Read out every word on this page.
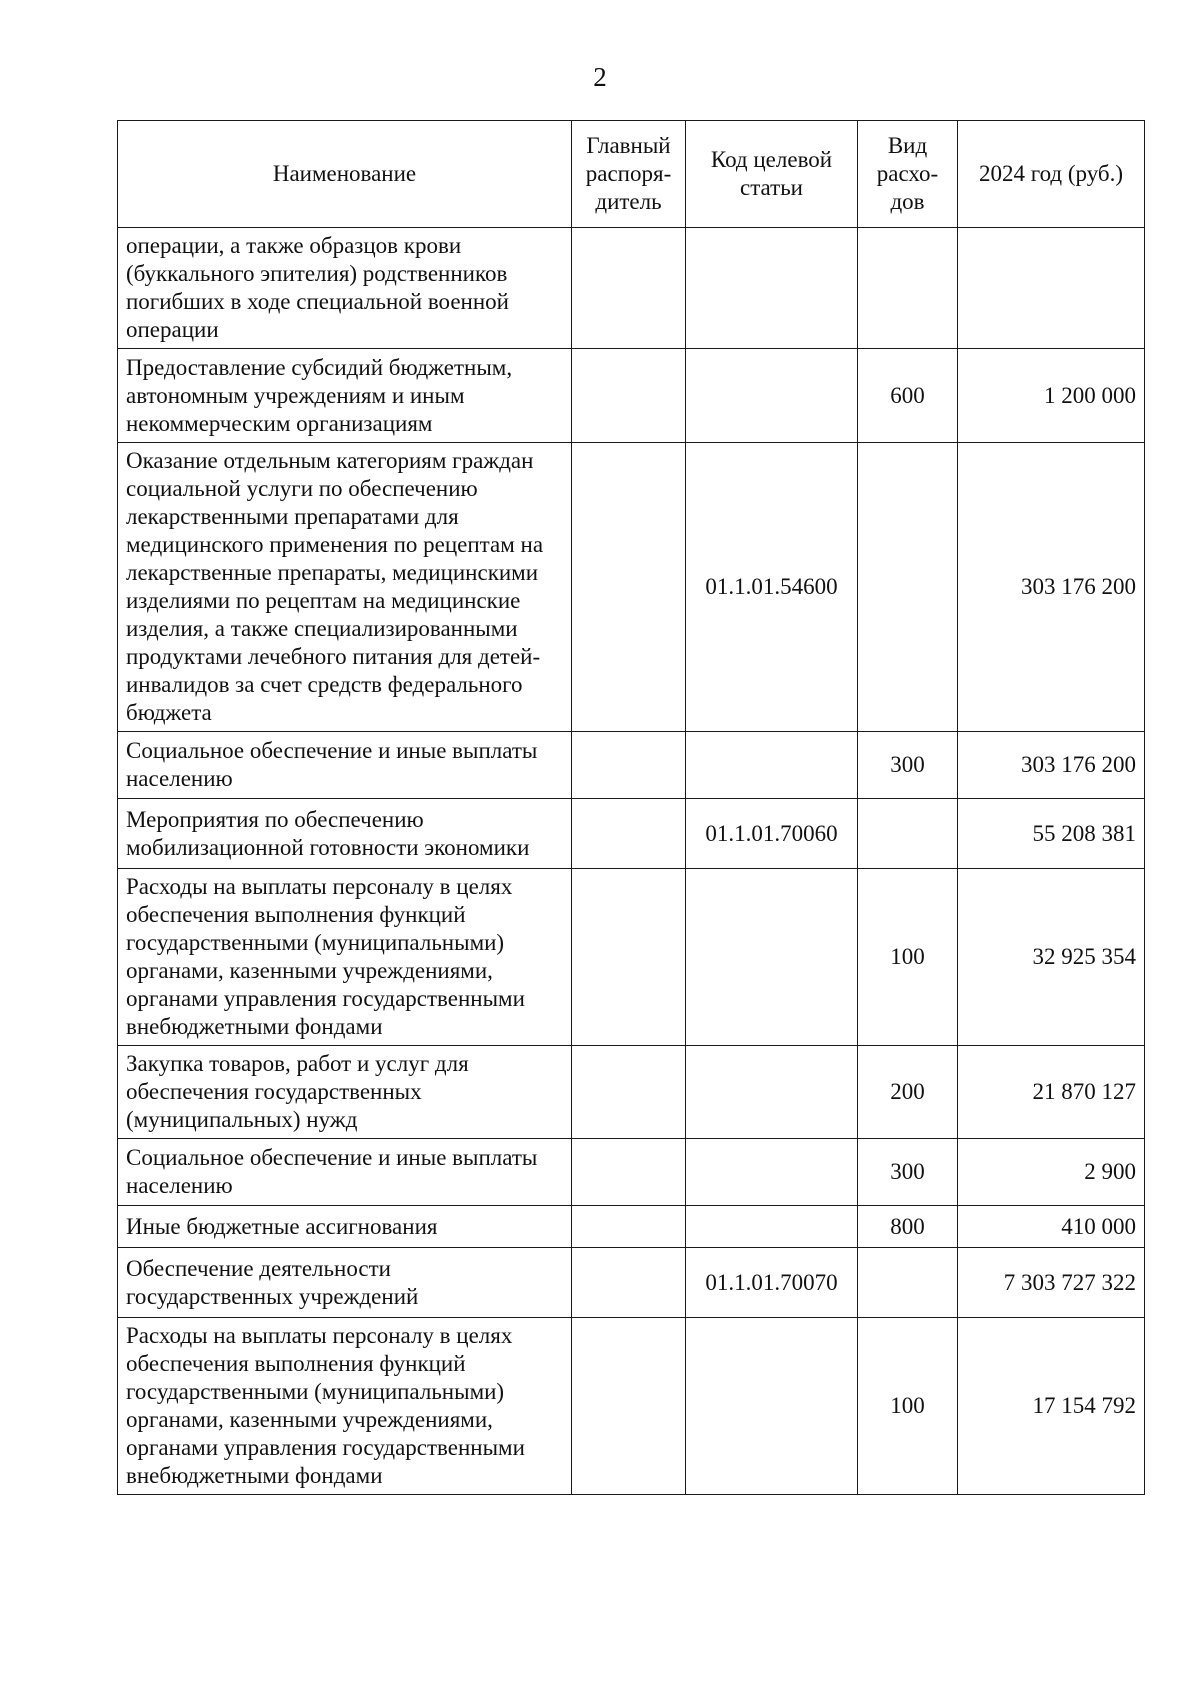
2
Наименование	Главный распоря-дитель	Код целевой статьи	Вид расхо-дов	2024 год (руб.)
операции, а также образцов крови (буккального эпителия) родственников погибших в ходе специальной военной операции				
Предоставление субсидий бюджетным, автономным учреждениям и иным некоммерческим организациям			600	1 200 000
Оказание отдельным категориям граждан социальной услуги по обеспечению лекарственными препаратами для медицинского применения по рецептам на лекарственные препараты, медицинскими изделиями по рецептам на медицинские изделия, а также специализированными продуктами лечебного питания для детей-инвалидов за счет средств федерального бюджета		01.1.01.54600		303 176 200
Социальное обеспечение и иные выплаты населению			300	303 176 200
Мероприятия по обеспечению мобилизационной готовности экономики		01.1.01.70060		55 208 381
Расходы на выплаты персоналу в целях обеспечения выполнения функций государственными (муниципальными) органами, казенными учреждениями, органами управления государственными внебюджетными фондами			100	32 925 354
Закупка товаров, работ и услуг для обеспечения государственных (муниципальных) нужд			200	21 870 127
Социальное обеспечение и иные выплаты населению			300	2 900
Иные бюджетные ассигнования			800	410 000
Обеспечение деятельности государственных учреждений		01.1.01.70070		7 303 727 322
Расходы на выплаты персоналу в целях обеспечения выполнения функций государственными (муниципальными) органами, казенными учреждениями, органами управления государственными внебюджетными фондами			100	17 154 792
